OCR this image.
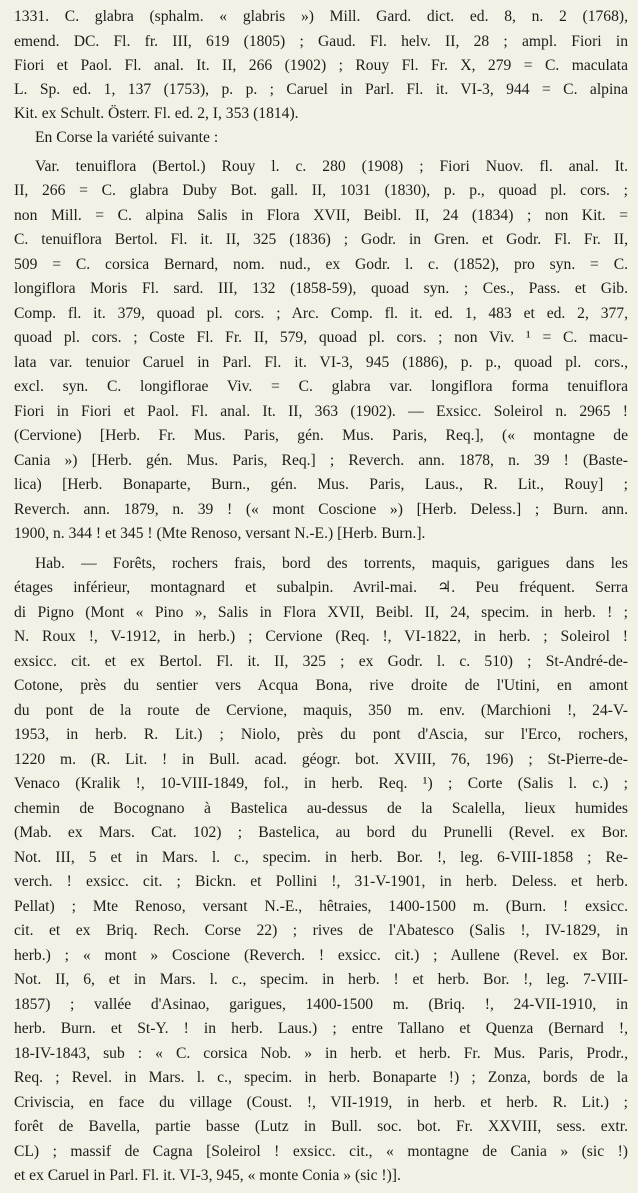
1331. C. glabra (sphalm. « glabris ») Mill. Gard. dict. ed. 8, n. 2 (1768),
emend. DC. Fl. fr. III, 619 (1805) ; Gaud. Fl. helv. II, 28 ; ampl. Fiori in
Fiori et Paol. Fl. anal. It. II, 266 (1902) ; Rouy Fl. Fr. X, 279 = C. maculata
L. Sp. ed. 1, 137 (1753), p. p. ; Caruel in Parl. Fl. it. VI-3, 944 = C. alpina
Kit. ex Schult. Österr. Fl. ed. 2, I, 353 (1814).
En Corse la variété suivante :
Var. tenuiflora (Bertol.) Rouy l. c. 280 (1908) ; Fiori Nuov. fl. anal. It.
II, 266 = C. glabra Duby Bot. gall. II, 1031 (1830), p. p., quoad pl. cors. ;
non Mill. = C. alpina Salis in Flora XVII, Beibl. II, 24 (1834) ; non Kit. =
C. tenuiflora Bertol. Fl. it. II, 325 (1836) ; Godr. in Gren. et Godr. Fl. Fr. II,
509 = C. corsica Bernard, nom. nud., ex Godr. l. c. (1852), pro syn. = C.
longiflora Moris Fl. sard. III, 132 (1858-59), quoad syn. ; Ces., Pass. et Gib.
Comp. fl. it. 379, quoad pl. cors. ; Arc. Comp. fl. it. ed. 1, 483 et ed. 2, 377,
quoad pl. cors. ; Coste Fl. Fr. II, 579, quoad pl. cors. ; non Viv. ¹ = C. macu-
lata var. tenuior Caruel in Parl. Fl. it. VI-3, 945 (1886), p. p., quoad pl. cors.,
excl. syn. C. longiflorae Viv. = C. glabra var. longiflora forma tenuiflora
Fiori in Fiori et Paol. Fl. anal. It. II, 363 (1902). — Exsicc. Soleirol n. 2965 !
(Cervione) [Herb. Fr. Mus. Paris, gén. Mus. Paris, Req.], (« montagne de
Cania ») [Herb. gén. Mus. Paris, Req.] ; Reverch. ann. 1878, n. 39 ! (Baste-
lica) [Herb. Bonaparte, Burn., gén. Mus. Paris, Laus., R. Lit., Rouy] ;
Reverch. ann. 1879, n. 39 ! (« mont Coscione ») [Herb. Deless.] ; Burn. ann.
1900, n. 344 ! et 345 ! (Mte Renoso, versant N.-E.) [Herb. Burn.].
Hab. — Forêts, rochers frais, bord des torrents, maquis, garigues dans les
étages inférieur, montagnard et subalpin. Avril-mai. ♃. Peu fréquent. Serra
di Pigno (Mont « Pino », Salis in Flora XVII, Beibl. II, 24, specim. in herb. ! ;
N. Roux !, V-1912, in herb.) ; Cervione (Req. !, VI-1822, in herb. ; Soleirol !
exsicc. cit. et ex Bertol. Fl. it. II, 325 ; ex Godr. l. c. 510) ; St-André-de-
Cotone, près du sentier vers Acqua Bona, rive droite de l'Utini, en amont
du pont de la route de Cervione, maquis, 350 m. env. (Marchioni !, 24-V-
1953, in herb. R. Lit.) ; Niolo, près du pont d'Ascia, sur l'Erco, rochers,
1220 m. (R. Lit. ! in Bull. acad. géogr. bot. XVIII, 76, 196) ; St-Pierre-de-
Venaco (Kralik !, 10-VIII-1849, fol., in herb. Req. ¹) ; Corte (Salis l. c.) ;
chemin de Bocognano à Bastelica au-dessus de la Scalella, lieux humides
(Mab. ex Mars. Cat. 102) ; Bastelica, au bord du Prunelli (Revel. ex Bor.
Not. III, 5 et in Mars. l. c., specim. in herb. Bor. !, leg. 6-VIII-1858 ; Re-
verch. ! exsicc. cit. ; Bickn. et Pollini !, 31-V-1901, in herb. Deless. et herb.
Pellat) ; Mte Renoso, versant N.-E., hêtraies, 1400-1500 m. (Burn. ! exsicc.
cit. et ex Briq. Rech. Corse 22) ; rives de l'Abatesco (Salis !, IV-1829, in
herb.) ; « mont » Coscione (Reverch. ! exsicc. cit.) ; Aullene (Revel. ex Bor.
Not. II, 6, et in Mars. l. c., specim. in herb. ! et herb. Bor. !, leg. 7-VIII-
1857) ; vallée d'Asinao, garigues, 1400-1500 m. (Briq. !, 24-VII-1910, in
herb. Burn. et St-Y. ! in herb. Laus.) ; entre Tallano et Quenza (Bernard !,
18-IV-1843, sub : « C. corsica Nob. » in herb. et herb. Fr. Mus. Paris, Prodr.,
Req. ; Revel. in Mars. l. c., specim. in herb. Bonaparte !) ; Zonza, bords de la
Criviscia, en face du village (Coust. !, VII-1919, in herb. et herb. R. Lit.) ;
forêt de Bavella, partie basse (Lutz in Bull. soc. bot. Fr. XXVIII, sess. extr.
CL) ; massif de Cagna [Soleirol ! exsicc. cit., « montagne de Cania » (sic !)
et ex Caruel in Parl. Fl. it. VI-3, 945, « monte Conia » (sic !)].
